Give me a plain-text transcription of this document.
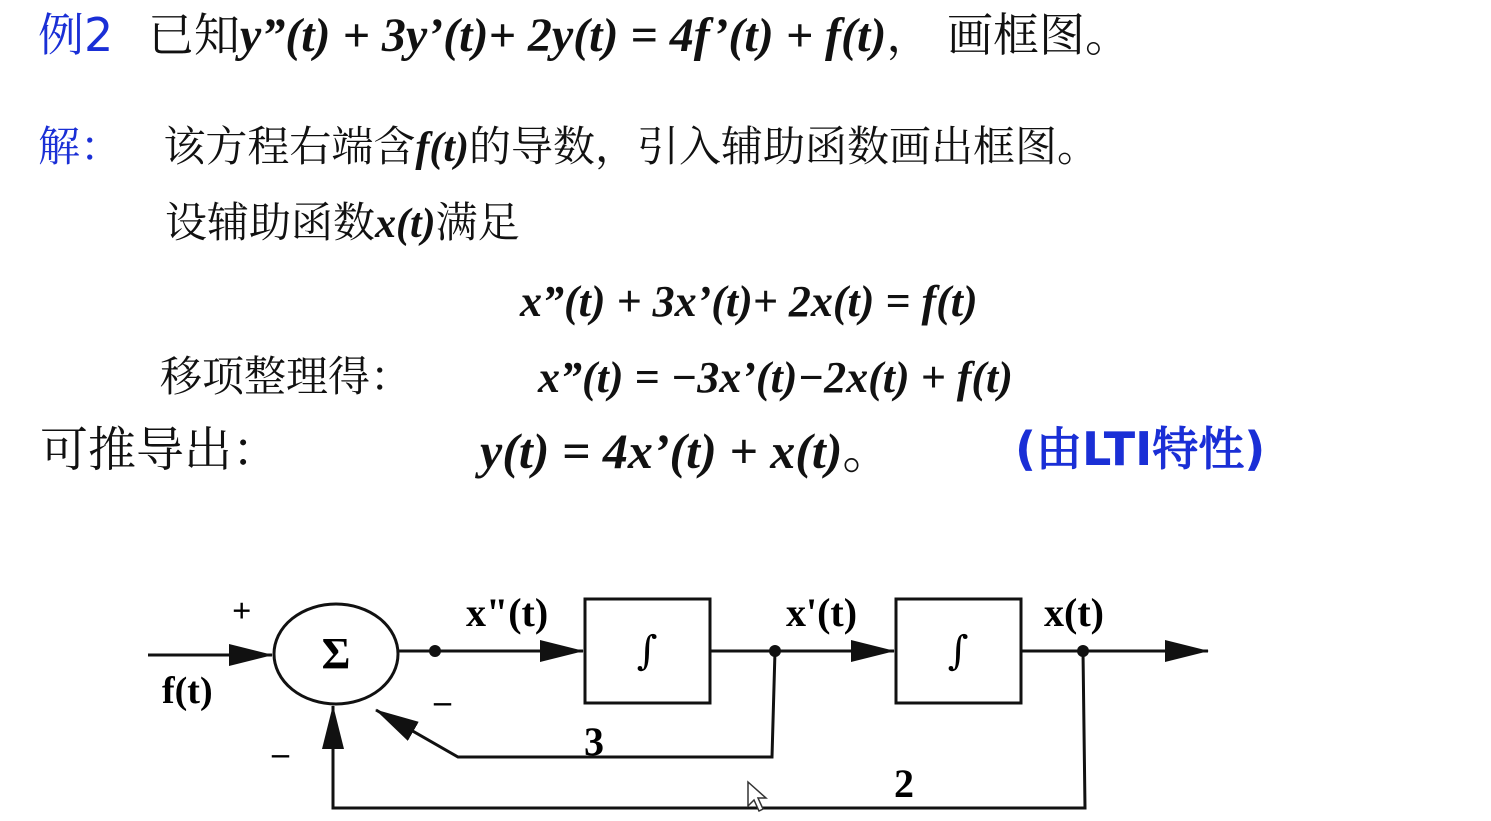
例2 已知y”(t) + 3y’(t)+ 2y(t) = 4f’(t) + f(t)， 画框图。
解： 该方程右端含f(t)的导数，引入辅助函数画出框图。
设辅助函数x(t)满足
x”(t) + 3x’(t)+ 2x(t) = f(t)
移项整理得：	x”(t) = −3x’(t)−2x(t) + f(t)
可推导出：	y(t) = 4x’(t) + x(t)。	(由LTI特性)
f(t)
+
–
–
Σ
x"(t)	x'(t)	x(t)
∫	∫
3
2
